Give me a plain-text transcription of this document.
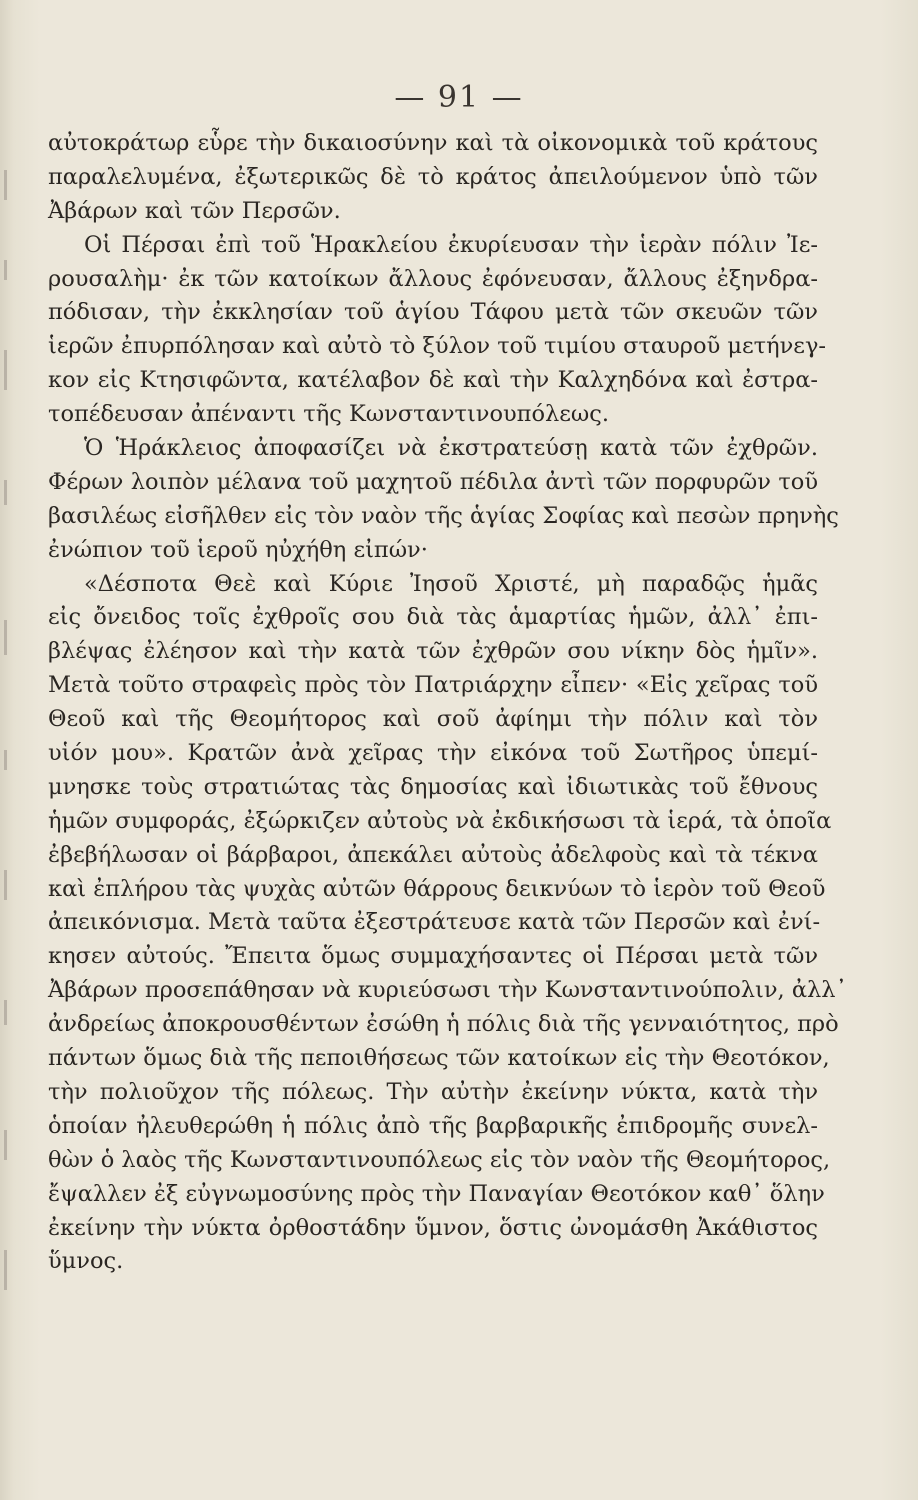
— 91 —
αὐτοκράτωρ εὗρε τὴν δικαιοσύνην καὶ τὰ οἰκονομικὰ τοῦ κράτους
παραλελυμένα, ἐξωτερικῶς δὲ τὸ κράτος ἀπειλούμενον ὑπὸ τῶν
Ἀβάρων καὶ τῶν Περσῶν.
Οἱ Πέρσαι ἐπὶ τοῦ Ἡρακλείου ἐκυρίευσαν τὴν ἱερὰν πόλιν Ἰε-
ρουσαλὴμ· ἐκ τῶν κατοίκων ἄλλους ἐφόνευσαν, ἄλλους ἐξηνδρα-
πόδισαν, τὴν ἐκκλησίαν τοῦ ἁγίου Τάφου μετὰ τῶν σκευῶν τῶν
ἱερῶν ἐπυρπόλησαν καὶ αὐτὸ τὸ ξύλον τοῦ τιμίου σταυροῦ μετήνεγ-
κον εἰς Κτησιφῶντα, κατέλαβον δὲ καὶ τὴν Καλχηδόνα καὶ ἐστρα-
τοπέδευσαν ἀπέναντι τῆς Κωνσταντινουπόλεως.
Ὁ Ἡράκλειος ἀποφασίζει νὰ ἐκστρατεύσῃ κατὰ τῶν ἐχθρῶν.
Φέρων λοιπὸν μέλανα τοῦ μαχητοῦ πέδιλα ἀντὶ τῶν πορφυρῶν τοῦ
βασιλέως εἰσῆλθεν εἰς τὸν ναὸν τῆς ἁγίας Σοφίας καὶ πεσὼν πρηνὴς
ἐνώπιον τοῦ ἱεροῦ ηὐχήθη εἰπών·
«Δέσποτα Θεὲ καὶ Κύριε Ἰησοῦ Χριστέ, μὴ παραδῷς ἡμᾶς
εἰς ὄνειδος τοῖς ἐχθροῖς σου διὰ τὰς ἁμαρτίας ἡμῶν, ἀλλ᾽ ἐπι-
βλέψας ἐλέησον καὶ τὴν κατὰ τῶν ἐχθρῶν σου νίκην δὸς ἡμῖν».
Μετὰ τοῦτο στραφεὶς πρὸς τὸν Πατριάρχην εἶπεν· «Εἰς χεῖρας τοῦ
Θεοῦ καὶ τῆς Θεομήτορος καὶ σοῦ ἀφίημι τὴν πόλιν καὶ τὸν
υἱόν μου». Κρατῶν ἀνὰ χεῖρας τὴν εἰκόνα τοῦ Σωτῆρος ὑπεμί-
μνησκε τοὺς στρατιώτας τὰς δημοσίας καὶ ἰδιωτικὰς τοῦ ἔθνους
ἡμῶν συμφοράς, ἐξώρκιζεν αὐτοὺς νὰ ἐκδικήσωσι τὰ ἱερά, τὰ ὁποῖα
ἐβεβήλωσαν οἱ βάρβαροι, ἀπεκάλει αὐτοὺς ἀδελφοὺς καὶ τὰ τέκνα
καὶ ἐπλήρου τὰς ψυχὰς αὐτῶν θάρρους δεικνύων τὸ ἱερὸν τοῦ Θεοῦ
ἀπεικόνισμα. Μετὰ ταῦτα ἐξεστράτευσε κατὰ τῶν Περσῶν καὶ ἐνί-
κησεν αὐτούς. Ἔπειτα ὅμως συμμαχήσαντες οἱ Πέρσαι μετὰ τῶν
Ἀβάρων προσεπάθησαν νὰ κυριεύσωσι τὴν Κωνσταντινούπολιν, ἀλλ᾽
ἀνδρείως ἀποκρουσθέντων ἐσώθη ἡ πόλις διὰ τῆς γενναιότητος, πρὸ
πάντων ὅμως διὰ τῆς πεποιθήσεως τῶν κατοίκων εἰς τὴν Θεοτόκον,
τὴν πολιοῦχον τῆς πόλεως. Τὴν αὐτὴν ἐκείνην νύκτα, κατὰ τὴν
ὁποίαν ἠλευθερώθη ἡ πόλις ἀπὸ τῆς βαρβαρικῆς ἐπιδρομῆς συνελ-
θὼν ὁ λαὸς τῆς Κωνσταντινουπόλεως εἰς τὸν ναὸν τῆς Θεομήτορος,
ἔψαλλεν ἐξ εὐγνωμοσύνης πρὸς τὴν Παναγίαν Θεοτόκον καθ᾽ ὅλην
ἐκείνην τὴν νύκτα ὀρθοστάδην ὕμνον, ὅστις ὠνομάσθη Ἀκάθιστος
ὕμνος.
